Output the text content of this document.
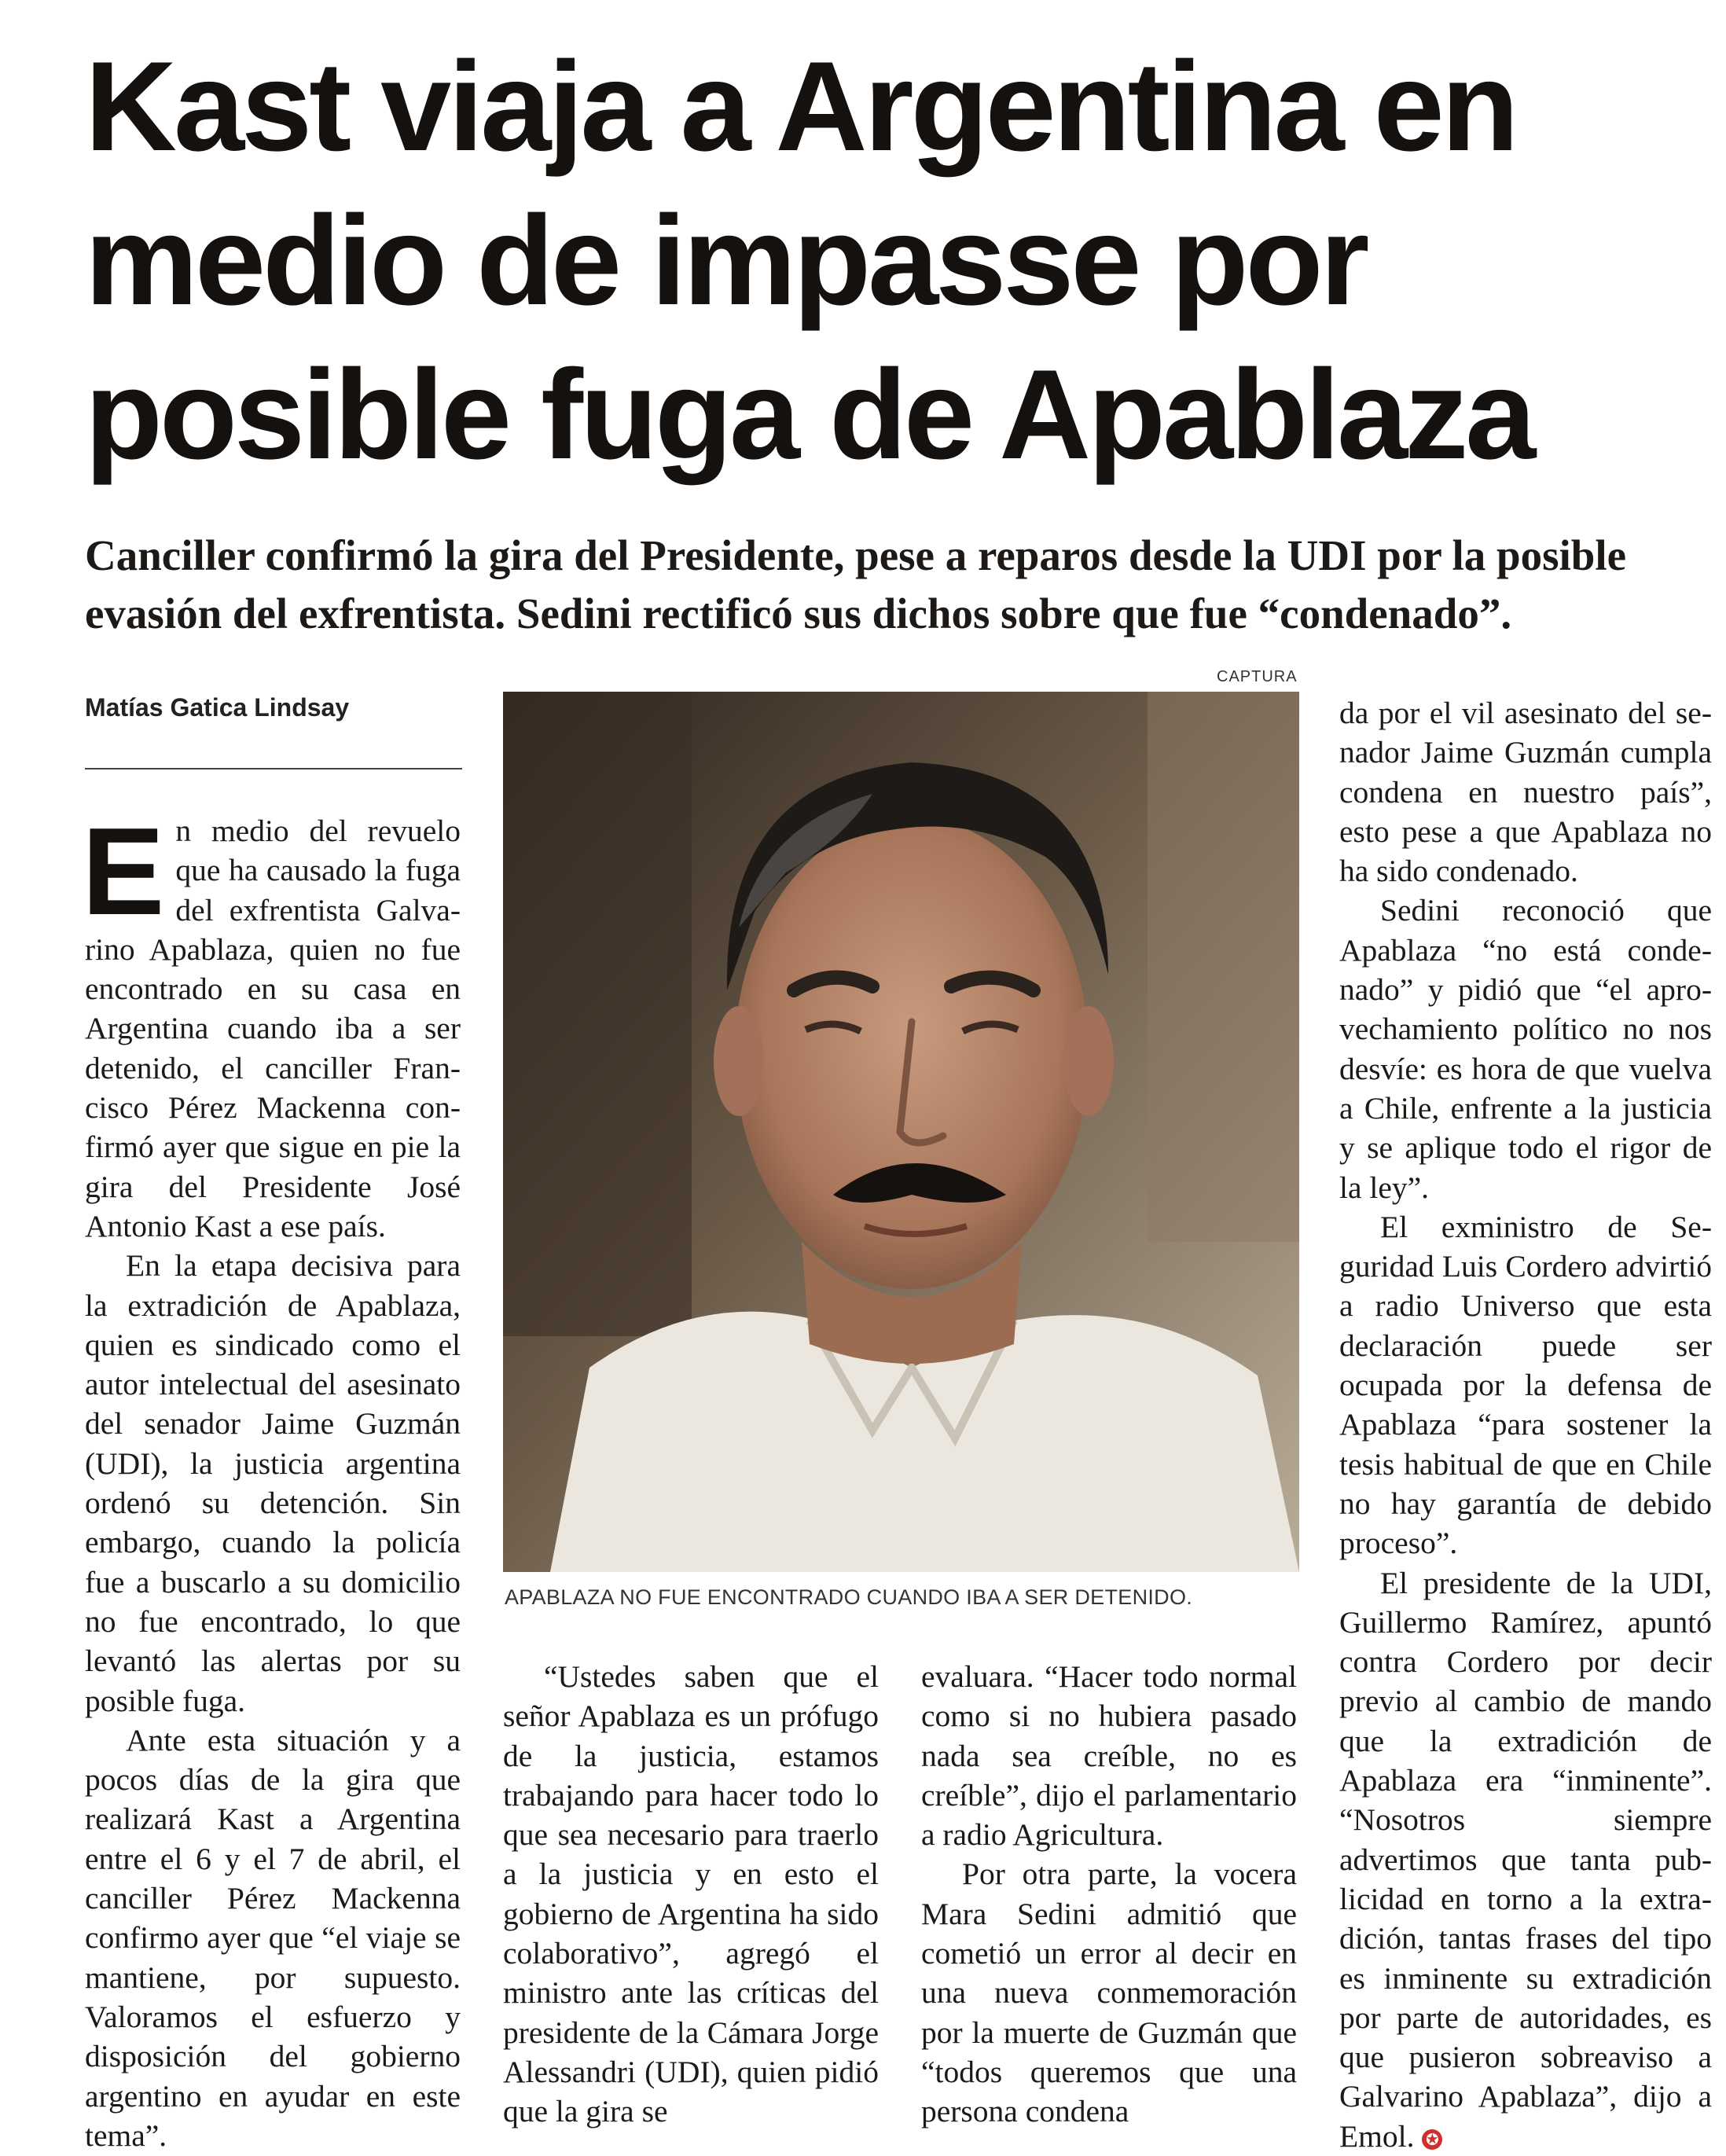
Kast viaja a Argentina en
medio de impasse por
posible fuga de Apablaza
Canciller confirmó la gira del Presidente, pese a reparos desde la UDI por la posible
evasión del exfrentista. Sedini rectificó sus dichos sobre que fue “condenado”.
CAPTURA
Matías Gatica Lindsay
APABLAZA NO FUE ENCONTRADO CUANDO IBA A SER DETENIDO.

En medio del revuelo que ha causado la fuga del exfrentista Galvarino Apablaza, quien no fue encontrado en su casa en Argentina cuando iba a ser detenido, el canciller Francisco Pérez Mackenna confirmó ayer que sigue en pie la gira del Presidente José Antonio Kast a ese país.

En la etapa decisiva para la extradición de Apablaza, quien es sindicado como el autor intelectual del asesinato del senador Jaime Guzmán (UDI), la justicia argentina ordenó su detención. Sin embargo, cuando la policía fue a buscarlo a su domicilio no fue encontrado, lo que levantó las alertas por su posible fuga.

Ante esta situación y a pocos días de la gira que realizará Kast a Argentina entre el 6 y el 7 de abril, el canciller Pérez Mackenna confirmo ayer que “el viaje se mantiene, por supuesto. Valoramos el esfuerzo y disposición del gobierno argentino en ayudar en este tema”.

“Ustedes saben que el señor Apablaza es un prófugo de la justicia, estamos trabajando para hacer todo lo que sea necesario para traerlo a la justicia y en esto el gobierno de Argentina ha sido colaborativo”, agregó el ministro ante las críticas del presidente de la Cámara Jorge Alessandri (UDI), quien pidió que la gira se

evaluara. “Hacer todo normal como si no hubiera pasado nada sea creíble, no es creíble”, dijo el parlamentario a radio Agricultura.

Por otra parte, la vocera Mara Sedini admitió que cometió un error al decir en una nueva conmemoración por la muerte de Guzmán que “todos queremos que una persona condena

da por el vil asesinato del senador Jaime Guzmán cumpla condena en nuestro país”, esto pese a que Apablaza no ha sido condenado.

Sedini reconoció que Apablaza “no está condenado” y pidió que “el aprovechamiento político no nos desvíe: es hora de que vuelva a Chile, enfrente a la justicia y se aplique todo el rigor de la ley”.

El exministro de Seguridad Luis Cordero advirtió a radio Universo que esta declaración puede ser ocupada por la defensa de Apablaza “para sostener la tesis habitual de que en Chile no hay garantía de debido proceso”.

El presidente de la UDI, Guillermo Ramírez, apuntó contra Cordero por decir previo al cambio de mando que la extradición de Apablaza era “inminente”. “Nosotros siempre advertimos que tanta publicidad en torno a la extradición, tantas frases del tipo es inminente su extradición por parte de autoridades, es que pusieron sobreaviso a Galvarino Apablaza”, dijo a Emol. ✪
